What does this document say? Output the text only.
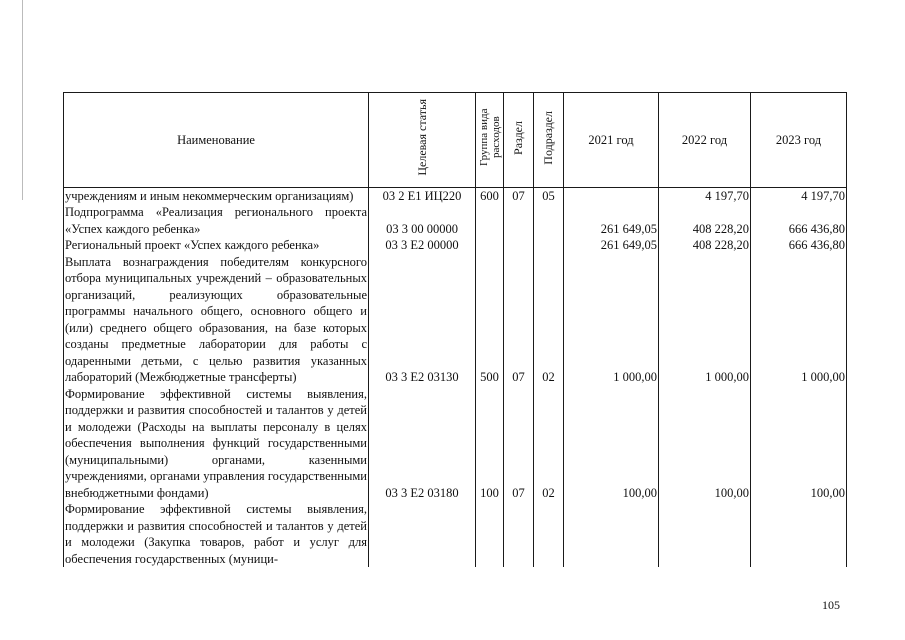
Наименование	Целевая статья	Группа вида расходов	Раздел	Подраздел	2021 год	2022 год	2023 год
учреждениям и иным некоммерческим организациям)	03 2 E1 ИЦ220	600	07	05		4 197,70	4 197,70
Подпрограмма «Реализация регионального проекта «Успех каждого ребенка»	03 3 00 00000				261 649,05	408 228,20	666 436,80
Региональный проект «Успех каждого ребенка»	03 3 E2 00000				261 649,05	408 228,20	666 436,80
Выплата вознаграждения победителям конкурсного отбора муниципальных учреждений – образовательных организаций, реализующих образовательные программы начального общего, основного общего и (или) среднего общего образования, на базе которых созданы предметные лаборатории для работы с одаренными детьми, с целью развития указанных лабораторий (Межбюджетные трансферты)	03 3 E2 03130	500	07	02	1 000,00	1 000,00	1 000,00
Формирование эффективной системы выявления, поддержки и развития способностей и талантов у детей и молодежи (Расходы на выплаты персоналу в целях обеспечения выполнения функций государственными (муниципальными) органами, казенными учреждениями, органами управления государственными внебюджетными фондами)	03 3 E2 03180	100	07	02	100,00	100,00	100,00
Формирование эффективной системы выявления, поддержки и развития способностей и талантов у детей и молодежи (Закупка товаров, работ и услуг для обеспечения государственных (муници-							
105
